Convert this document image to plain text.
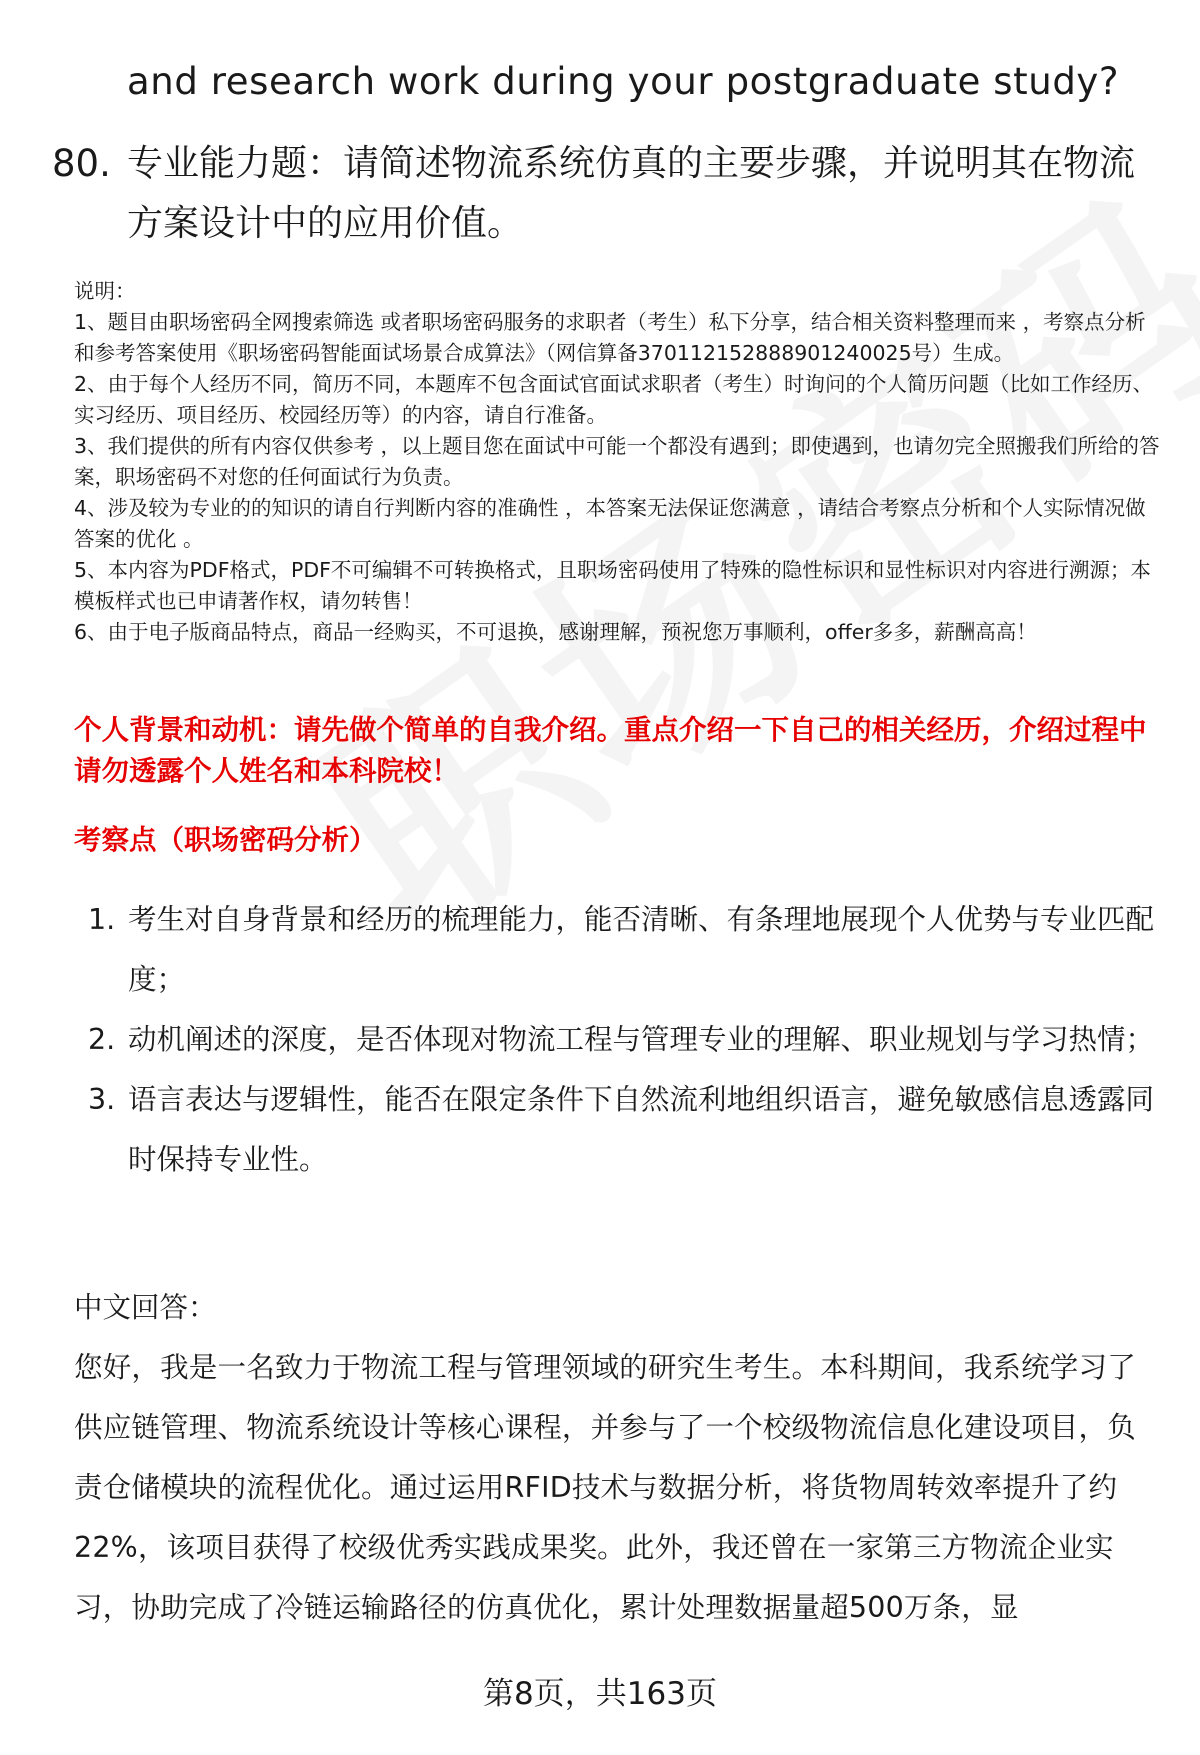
and research work during your postgraduate study?
80. 专业能力题：请简述物流系统仿真的主要步骤，并说明其在物流方案设计中的应用价值。

说明：

1、题目由职场密码全网搜索筛选 或者职场密码服务的求职者（考生）私下分享，结合相关资料整理而来 ，考察点分析和参考答案使用《职场密码智能面试场景合成算法》（网信算备370112152888901240025号）生成。

2、由于每个人经历不同，简历不同，本题库不包含面试官面试求职者（考生）时询问的个人简历问题（比如工作经历、实习经历、项目经历、校园经历等）的内容，请自行准备。

3、我们提供的所有内容仅供参考 ，以上题目您在面试中可能一个都没有遇到；即使遇到，也请勿完全照搬我们所给的答案，职场密码不对您的任何面试行为负责。

4、涉及较为专业的的知识的请自行判断内容的准确性 ，本答案无法保证您满意 ，请结合考察点分析和个人实际情况做答案的优化 。

5、本内容为PDF格式，PDF不可编辑不可转换格式，且职场密码使用了特殊的隐性标识和显性标识对内容进行溯源；本模板样式也已申请著作权，请勿转售！

6、由于电子版商品特点，商品一经购买，不可退换，感谢理解，预祝您万事顺利，offer多多，薪酬高高！

个人背景和动机：请先做个简单的自我介绍。重点介绍一下自己的相关经历，介绍过程中请勿透露个人姓名和本科院校！
考察点（职场密码分析）
1. 考生对自身背景和经历的梳理能力，能否清晰、有条理地展现个人优势与专业匹配度；
2. 动机阐述的深度，是否体现对物流工程与管理专业的理解、职业规划与学习热情；
3. 语言表达与逻辑性，能否在限定条件下自然流利地组织语言，避免敏感信息透露同时保持专业性。
中文回答：
您好，我是一名致力于物流工程与管理领域的研究生考生。本科期间，我系统学习了供应链管理、物流系统设计等核心课程，并参与了一个校级物流信息化建设项目，负责仓储模块的流程优化。通过运用RFID技术与数据分析，将货物周转效率提升了约22%，该项目获得了校级优秀实践成果奖。此外，我还曾在一家第三方物流企业实习，协助完成了冷链运输路径的仿真优化，累计处理数据量超500万条，显
第8页，共163页
